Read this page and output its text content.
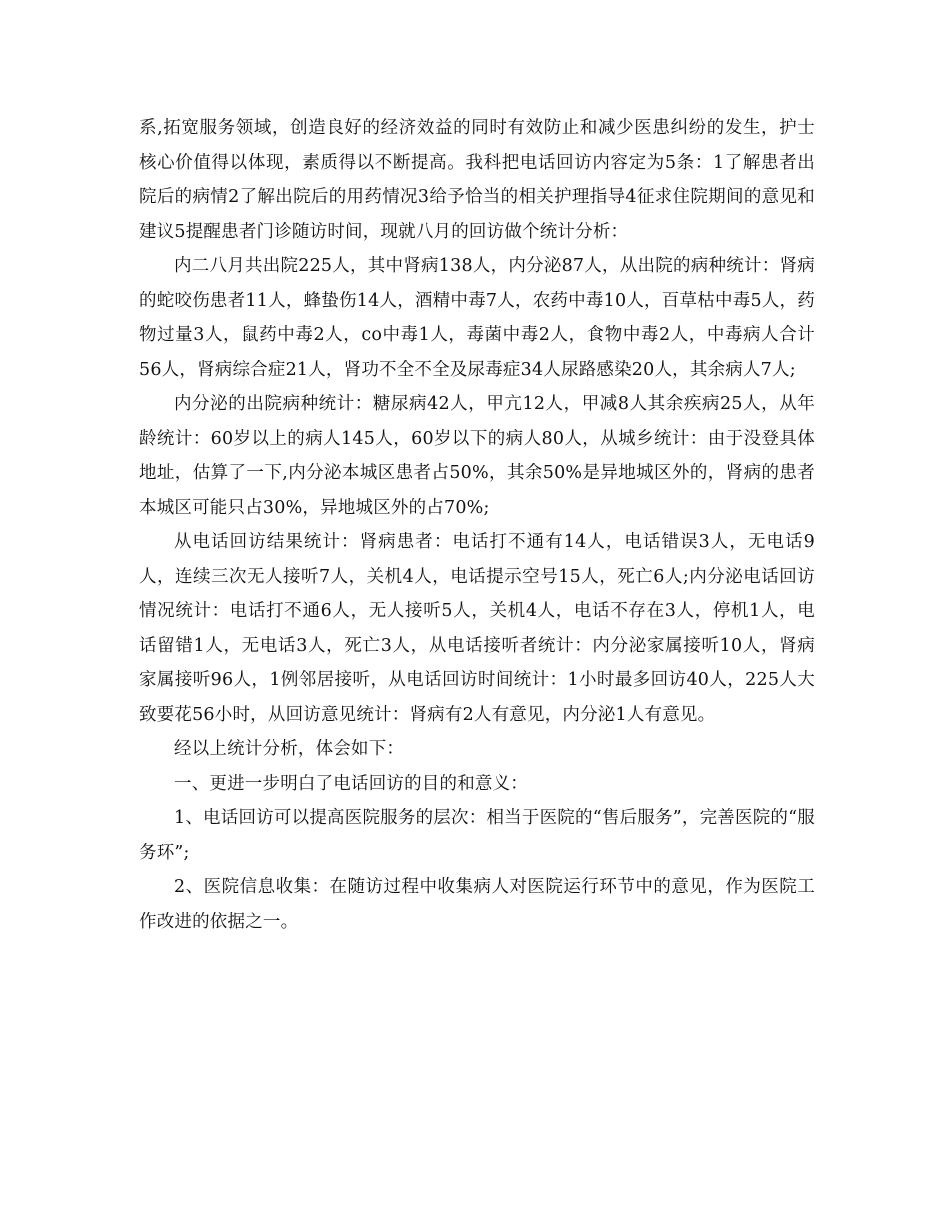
系,拓宽服务领域，创造良好的经济效益的同时有效防止和减少医患纠纷的发生，护士核心价值得以体现，素质得以不断提高。我科把电话回访内容定为5条：1了解患者出院后的病情2了解出院后的用药情况3给予恰当的相关护理指导4征求住院期间的意见和建议5提醒患者门诊随访时间，现就八月的回访做个统计分析：

内二八月共出院225人，其中肾病138人，内分泌87人，从出院的病种统计：肾病的蛇咬伤患者11人，蜂蛰伤14人，酒精中毒7人，农药中毒10人，百草枯中毒5人，药物过量3人，鼠药中毒2人，co中毒1人，毒菌中毒2人，食物中毒2人，中毒病人合计56人，肾病综合症21人，肾功不全不全及尿毒症34人尿路感染20人，其余病人7人;

内分泌的出院病种统计：糖尿病42人，甲亢12人，甲减8人其余疾病25人，从年龄统计：60岁以上的病人145人，60岁以下的病人80人，从城乡统计：由于没登具体地址，估算了一下,内分泌本城区患者占50%，其余50%是异地城区外的，肾病的患者本城区可能只占30%，异地城区外的占70%;

从电话回访结果统计：肾病患者：电话打不通有14人，电话错误3人，无电话9人，连续三次无人接听7人，关机4人，电话提示空号15人，死亡6人;内分泌电话回访情况统计：电话打不通6人，无人接听5人，关机4人，电话不存在3人，停机1人，电话留错1人，无电话3人，死亡3人，从电话接听者统计：内分泌家属接听10人，肾病家属接听96人，1例邻居接听，从电话回访时间统计：1小时最多回访40人，225人大致要花56小时，从回访意见统计：肾病有2人有意见，内分泌1人有意见。

经以上统计分析，体会如下：

一、更进一步明白了电话回访的目的和意义：

1、电话回访可以提高医院服务的层次：相当于医院的“售后服务”，完善医院的“服务环”;

2、医院信息收集：在随访过程中收集病人对医院运行环节中的意见，作为医院工作改进的依据之一。
